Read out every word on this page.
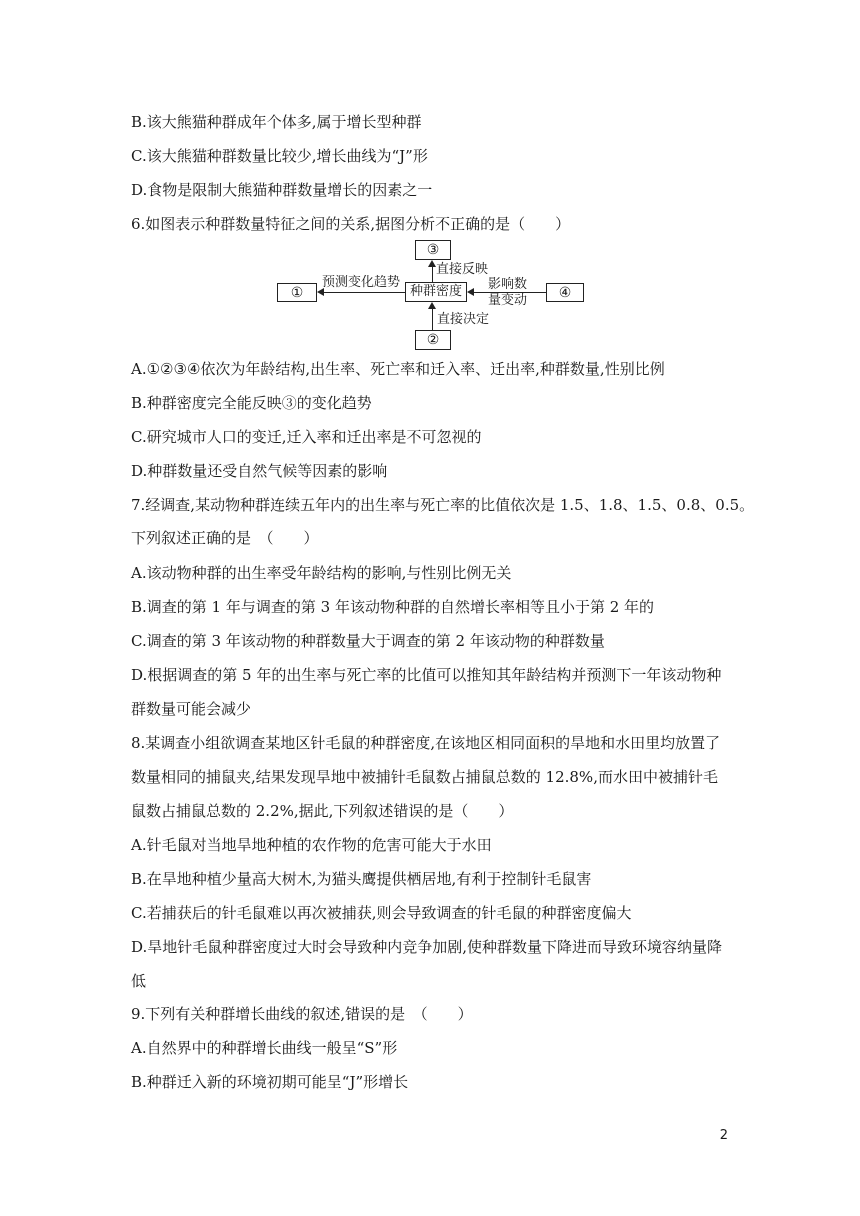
B.该大熊猫种群成年个体多,属于增长型种群
C.该大熊猫种群数量比较少,增长曲线为“J”形
D.食物是限制大熊猫种群数量增长的因素之一
6.如图表示种群数量特征之间的关系,据图分析不正确的是（　　）
A.①②③④依次为年龄结构,出生率、死亡率和迁入率、迁出率,种群数量,性别比例
B.种群密度完全能反映③的变化趋势
C.研究城市人口的变迁,迁入率和迁出率是不可忽视的
D.种群数量还受自然气候等因素的影响
7.经调查,某动物种群连续五年内的出生率与死亡率的比值依次是 1.5、1.8、1.5、0.8、0.5。
下列叙述正确的是　（　　）
A.该动物种群的出生率受年龄结构的影响,与性别比例无关
B.调查的第 1 年与调查的第 3 年该动物种群的自然增长率相等且小于第 2 年的
C.调查的第 3 年该动物的种群数量大于调查的第 2 年该动物的种群数量
D.根据调查的第 5 年的出生率与死亡率的比值可以推知其年龄结构并预测下一年该动物种
群数量可能会减少
8.某调查小组欲调查某地区针毛鼠的种群密度,在该地区相同面积的旱地和水田里均放置了
数量相同的捕鼠夹,结果发现旱地中被捕针毛鼠数占捕鼠总数的 12.8%,而水田中被捕针毛
鼠数占捕鼠总数的 2.2%,据此,下列叙述错误的是（　　）
A.针毛鼠对当地旱地种植的农作物的危害可能大于水田
B.在旱地种植少量高大树木,为猫头鹰提供栖居地,有利于控制针毛鼠害
C.若捕获后的针毛鼠难以再次被捕获,则会导致调查的针毛鼠的种群密度偏大
D.旱地针毛鼠种群密度过大时会导致种内竞争加剧,使种群数量下降进而导致环境容纳量降
低
9.下列有关种群增长曲线的叙述,错误的是　（　　）
A.自然界中的种群增长曲线一般呈“S”形
B.种群迁入新的环境初期可能呈“J”形增长
③
种群密度
①	④
②
预测变化趋势
直接反映
影响数
量变动
直接决定
2
